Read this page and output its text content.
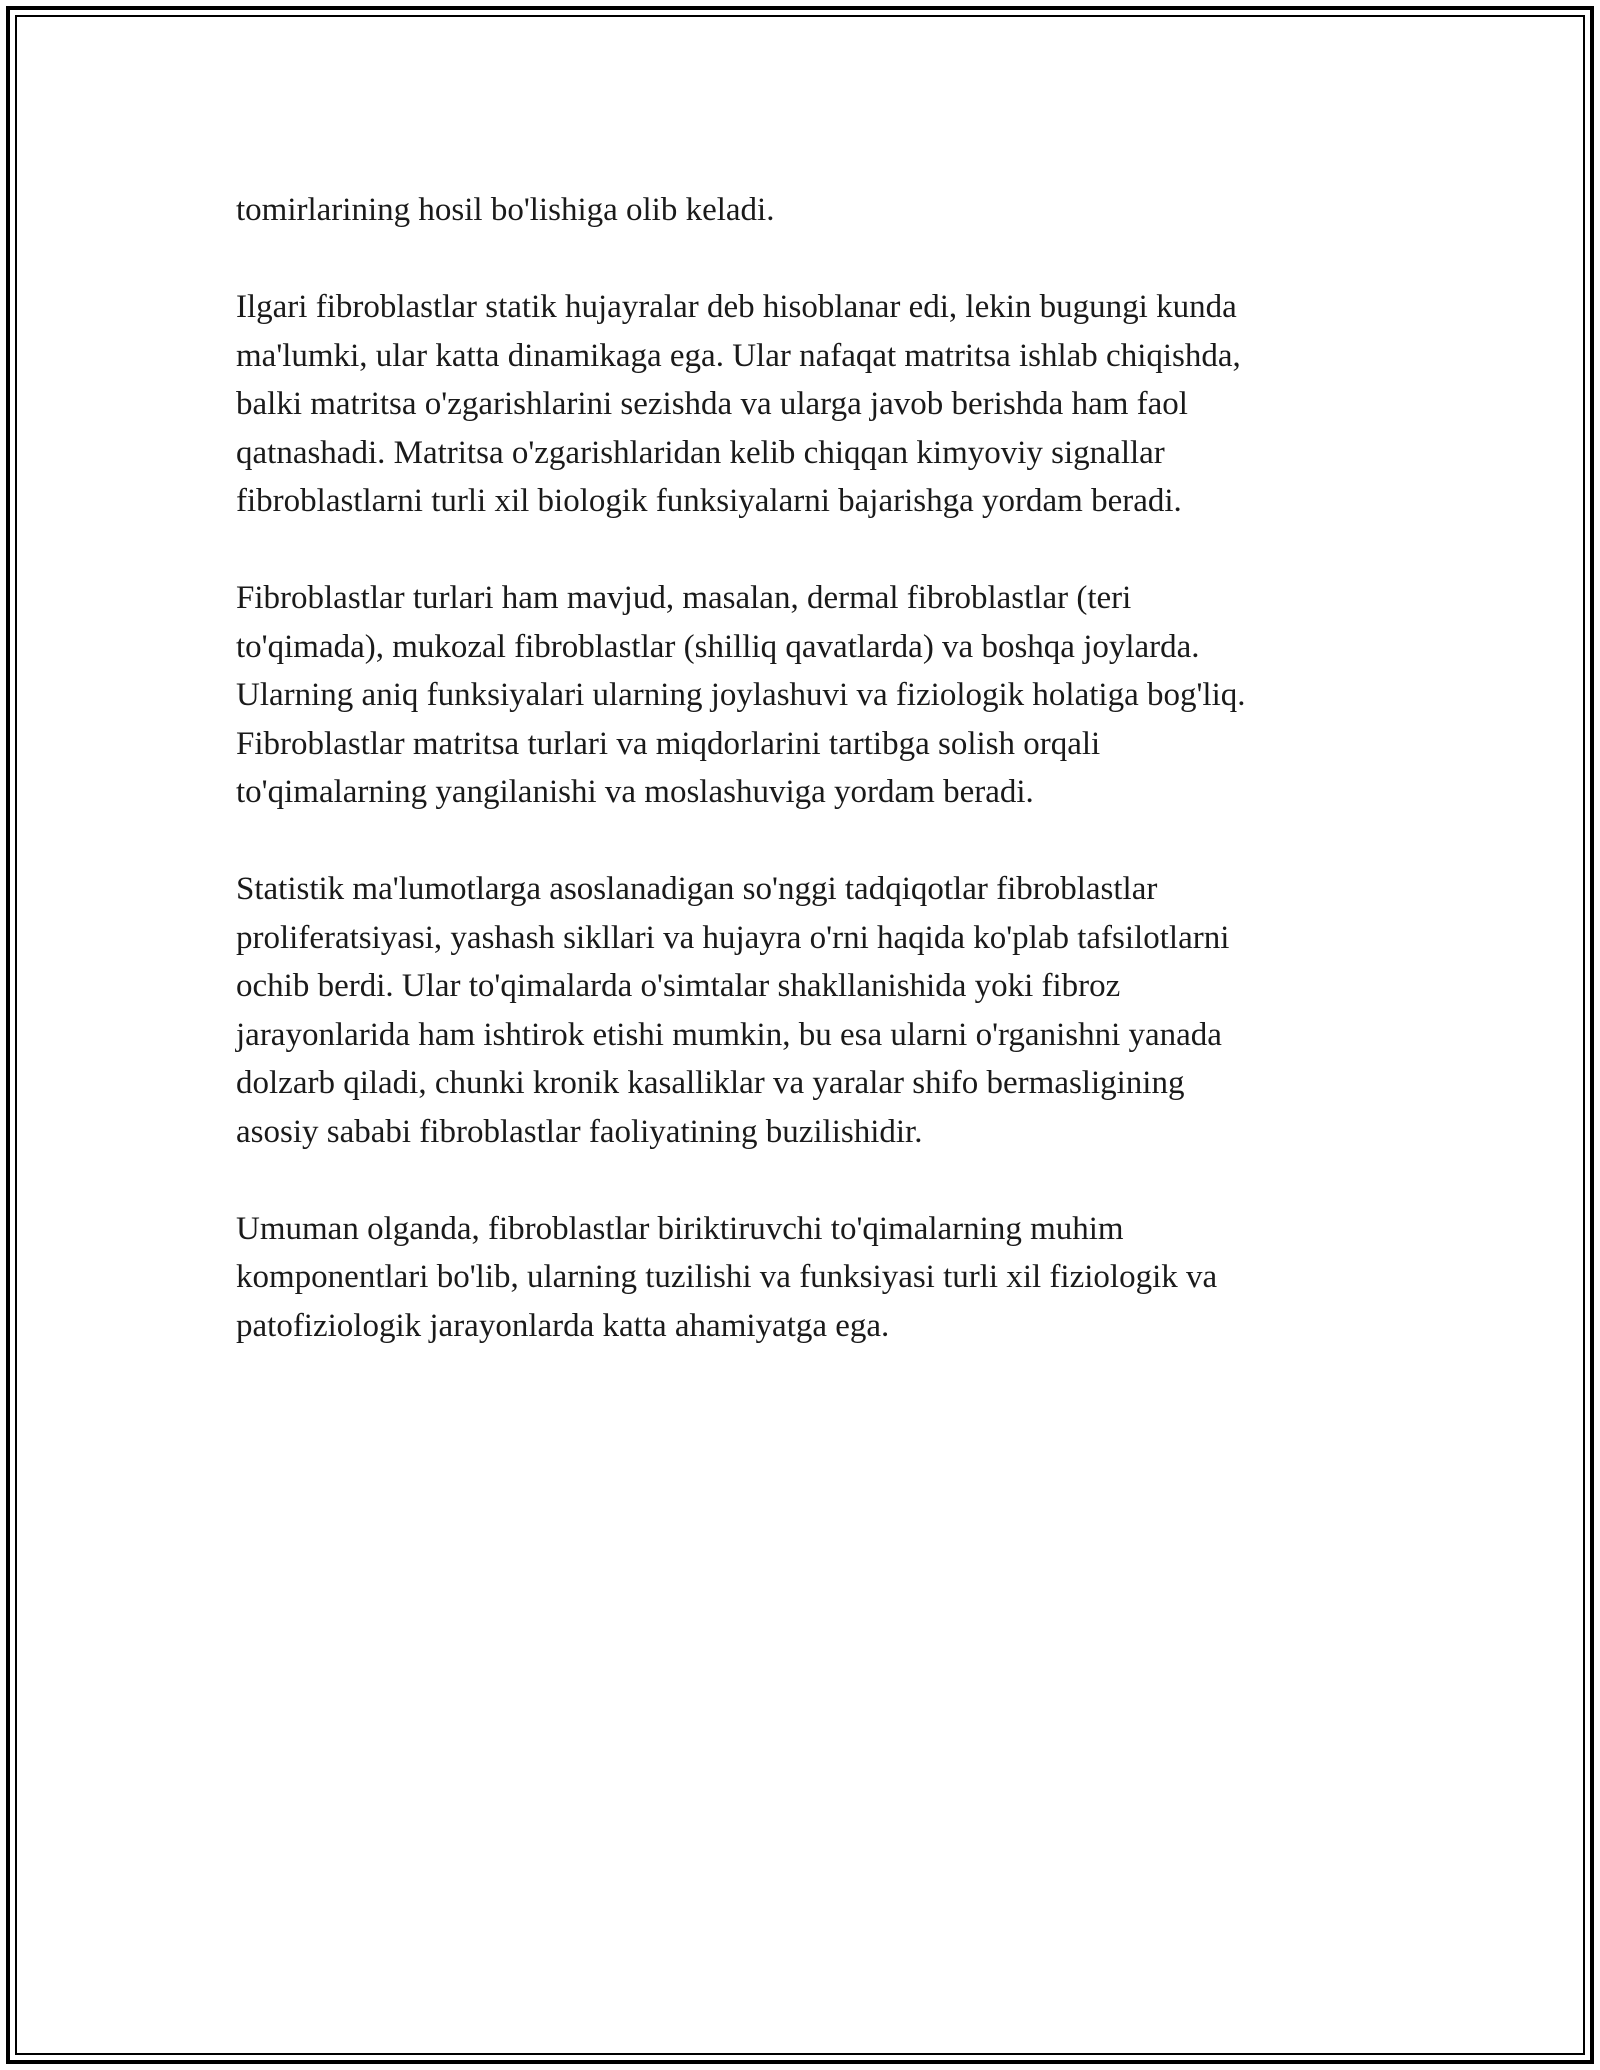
tomirlarining hosil bo'lishiga olib keladi.

Ilgari fibroblastlar statik hujayralar deb hisoblanar edi, lekin bugungi kunda
ma'lumki, ular katta dinamikaga ega. Ular nafaqat matritsa ishlab chiqishda,
balki matritsa o'zgarishlarini sezishda va ularga javob berishda ham faol
qatnashadi. Matritsa o'zgarishlaridan kelib chiqqan kimyoviy signallar
fibroblastlarni turli xil biologik funksiyalarni bajarishga yordam beradi.

Fibroblastlar turlari ham mavjud, masalan, dermal fibroblastlar (teri
to'qimada), mukozal fibroblastlar (shilliq qavatlarda) va boshqa joylarda.
Ularning aniq funksiyalari ularning joylashuvi va fiziologik holatiga bog'liq.
Fibroblastlar matritsa turlari va miqdorlarini tartibga solish orqali
to'qimalarning yangilanishi va moslashuviga yordam beradi.

Statistik ma'lumotlarga asoslanadigan so'nggi tadqiqotlar fibroblastlar
proliferatsiyasi, yashash sikllari va hujayra o'rni haqida ko'plab tafsilotlarni
ochib berdi. Ular to'qimalarda o'simtalar shakllanishida yoki fibroz
jarayonlarida ham ishtirok etishi mumkin, bu esa ularni o'rganishni yanada
dolzarb qiladi, chunki kronik kasalliklar va yaralar shifo bermasligining
asosiy sababi fibroblastlar faoliyatining buzilishidir.

Umuman olganda, fibroblastlar biriktiruvchi to'qimalarning muhim
komponentlari bo'lib, ularning tuzilishi va funksiyasi turli xil fiziologik va
patofiziologik jarayonlarda katta ahamiyatga ega.
